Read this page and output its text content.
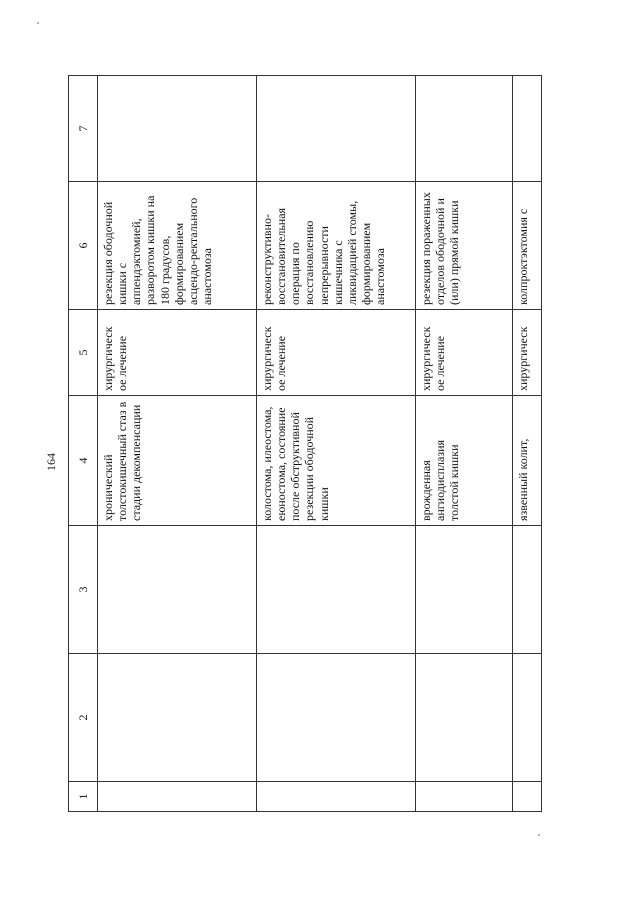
164
1	2	3	4	5	6	7
			хронический толстокишечный стаз в стадии декомпенсации	хирургическ ое лечение	резекция ободочной кишки с аппендэктомией, разворотом кишки на 180 градусов, формированием асцендо-ректального анастомоза	
			колостома, илеостома, еюностома, состояние после обструктивной резекции ободочной кишки	хирургическ ое лечение	реконструктивно-восстановительная операция по восстановлению непрерывности кишечника с ликвидацией стомы, формированием анастомоза	
			врожденная ангиодисплазия толстой кишки	хирургическ ое лечение	резекция пораженных отделов ободочной и (или) прямой кишки	
			язвенный колит,	хирургическ	колпроктэктомия с	
